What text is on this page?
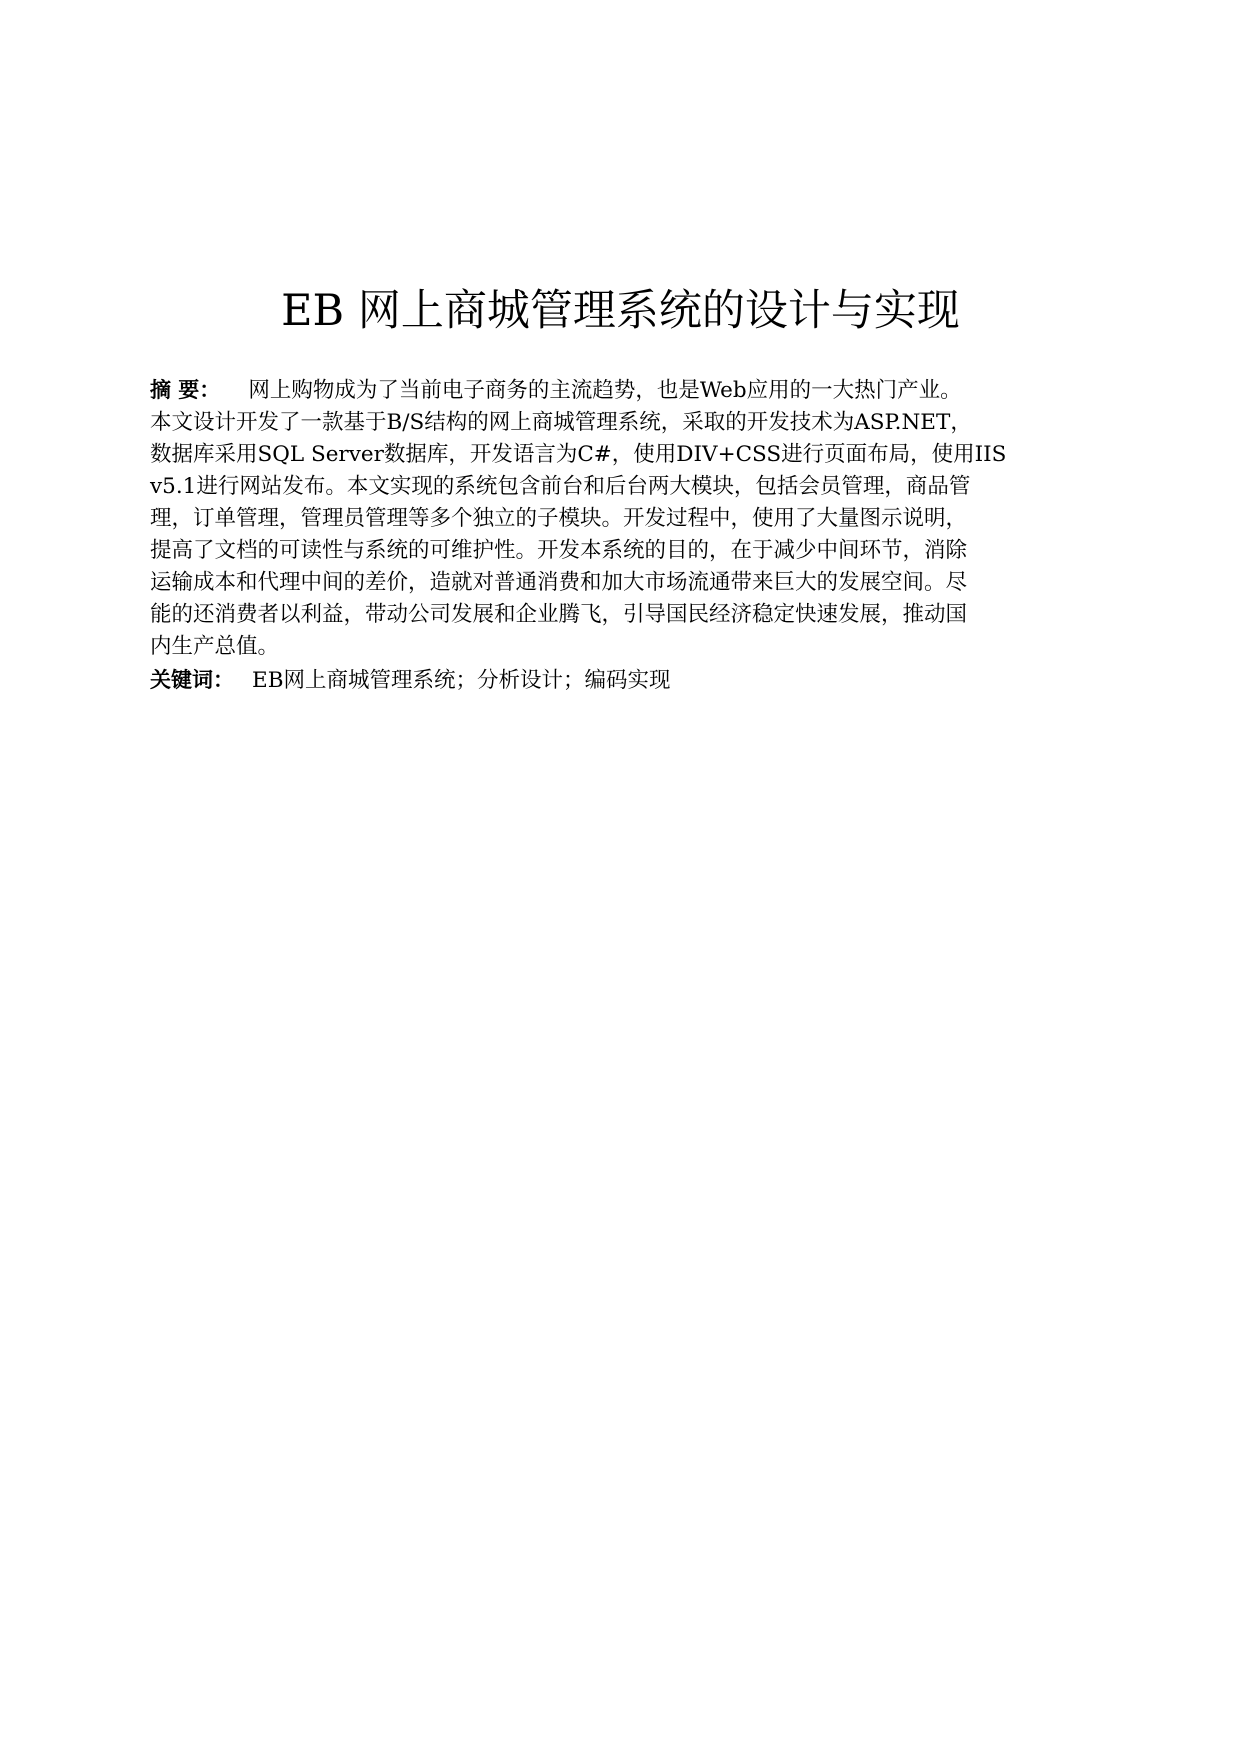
EB 网上商城管理系统的设计与实现
摘 要： 网上购物成为了当前电子商务的主流趋势，也是Web应用的一大热门产业。
本文设计开发了一款基于B/S结构的网上商城管理系统，采取的开发技术为ASP.NET，
数据库采用SQL Server数据库，开发语言为C#，使用DIV+CSS进行页面布局，使用IIS
v5.1进行网站发布。本文实现的系统包含前台和后台两大模块，包括会员管理，商品管
理，订单管理，管理员管理等多个独立的子模块。开发过程中，使用了大量图示说明，
提高了文档的可读性与系统的可维护性。开发本系统的目的，在于减少中间环节，消除
运输成本和代理中间的差价，造就对普通消费和加大市场流通带来巨大的发展空间。尽
能的还消费者以利益，带动公司发展和企业腾飞，引导国民经济稳定快速发展，推动国
内生产总值。
关键词： EB网上商城管理系统；分析设计；编码实现
